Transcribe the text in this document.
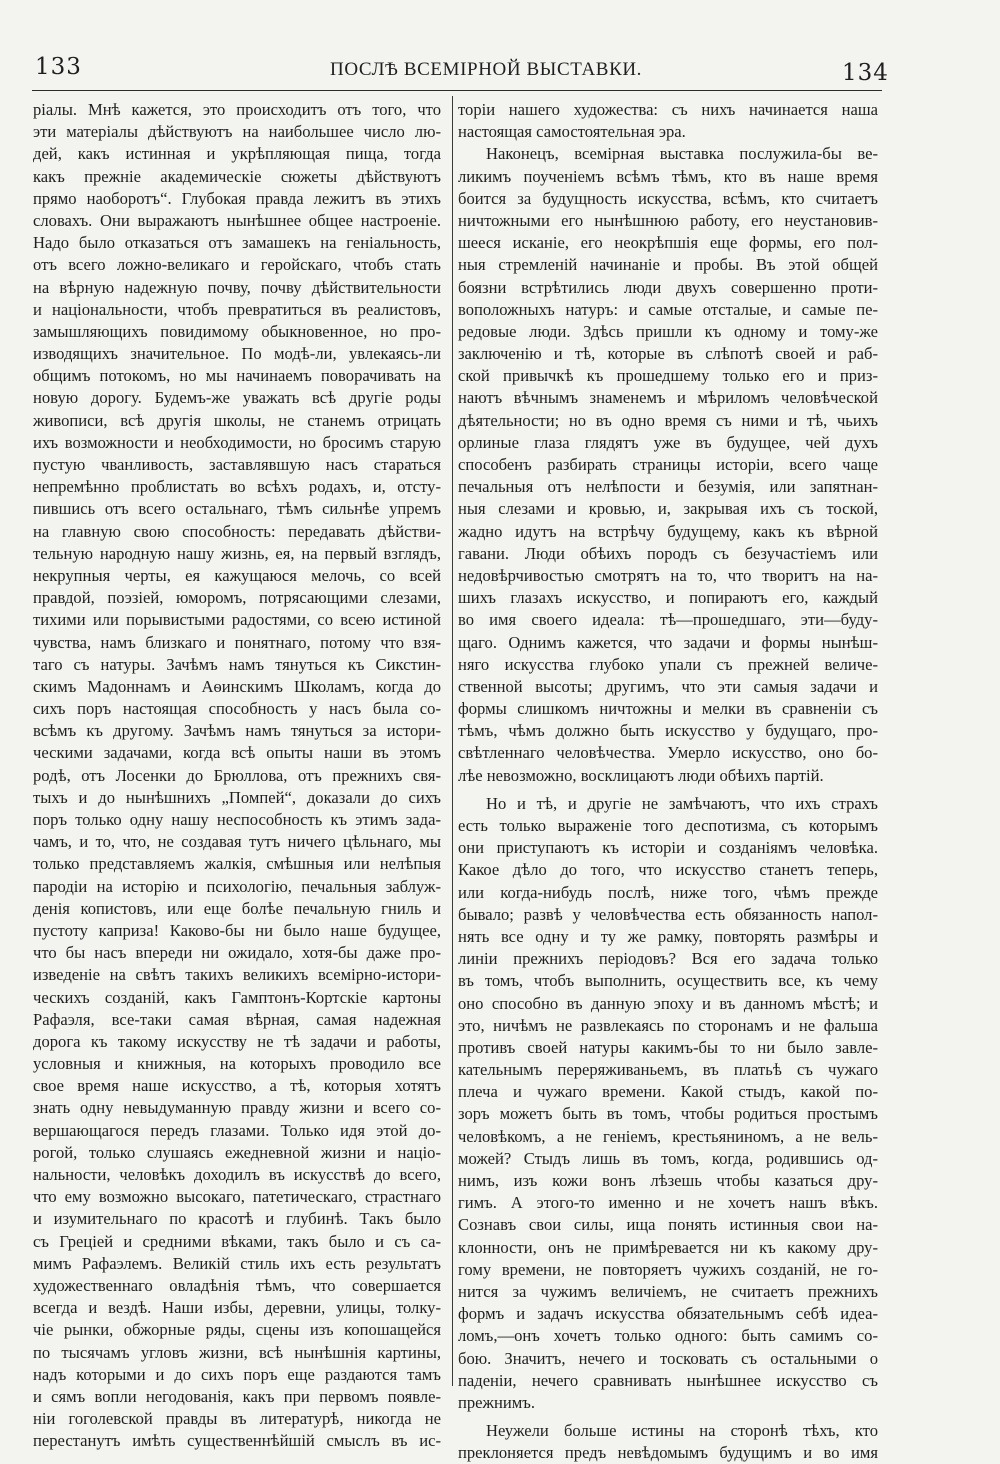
133	ПОСЛѢ ВСЕМІРНОЙ ВЫСТАВКИ.	134
ріалы. Мнѣ кажется, это происходитъ отъ того, что
эти матеріалы дѣйствуютъ на наибольшее число лю-
дей, какъ истинная и укрѣпляющая пища, тогда
какъ прежніе академическіе сюжеты дѣйствуютъ
прямо наоборотъ“. Глубокая правда лежитъ въ этихъ
словахъ. Они выражаютъ нынѣшнее общее настроеніе.
Надо было отказаться отъ замашекъ на геніальность,
отъ всего ложно-великаго и геройскаго, чтобъ стать
на вѣрную надежную почву, почву дѣйствительности
и національности, чтобъ превратиться въ реалистовъ,
замышляющихъ повидимому обыкновенное, но про-
изводящихъ значительное. По модѣ-ли, увлекаясь-ли
общимъ потокомъ, но мы начинаемъ поворачивать на
новую дорогу. Будемъ-же уважать всѣ другіе роды
живописи, всѣ другія школы, не станемъ отрицать
ихъ возможности и необходимости, но бросимъ старую
пустую чванливость, заставлявшую насъ стараться
непремѣнно проблистать во всѣхъ родахъ, и, отсту-
пившись отъ всего остальнаго, тѣмъ сильнѣе упремъ
на главную свою способность: передавать дѣйстви-
тельную народную нашу жизнь, ея, на первый взглядъ,
некрупныя черты, ея кажущаюся мелочь, со всей
правдой, поэзіей, юморомъ, потрясающими слезами,
тихими или порывистыми радостями, со всею истиной
чувства, намъ близкаго и понятнаго, потому что взя-
таго съ натуры. Зачѣмъ намъ тянуться къ Сикстин-
скимъ Мадоннамъ и Аѳинскимъ Школамъ, когда до
сихъ поръ настоящая способность у насъ была со-
всѣмъ къ другому. Зачѣмъ намъ тянуться за истори-
ческими задачами, когда всѣ опыты наши въ этомъ
родѣ, отъ Лосенки до Брюллова, отъ прежнихъ свя-
тыхъ и до нынѣшнихъ „Помпей“, доказали до сихъ
поръ только одну нашу неспособность къ этимъ зада-
чамъ, и то, что, не создавая тутъ ничего цѣльнаго, мы
только представляемъ жалкія, смѣшныя или нелѣпыя
пародіи на исторію и психологію, печальныя заблуж-
денія копистовъ, или еще болѣе печальную гниль и
пустоту каприза! Каково-бы ни было наше будущее,
что бы насъ впереди ни ожидало, хотя-бы даже про-
изведеніе на свѣтъ такихъ великихъ всемірно-истори-
ческихъ созданій, какъ Гамптонъ-Кортскіе картоны
Рафаэля, все-таки самая вѣрная, самая надежная
дорога къ такому искусству не тѣ задачи и работы,
условныя и книжныя, на которыхъ проводило все
свое время наше искусство, а тѣ, которыя хотятъ
знать одну невыдуманную правду жизни и всего со-
вершающагося передъ глазами. Только идя этой до-
рогой, только слушаясь ежедневной жизни и націо-
нальности, человѣкъ доходилъ въ искусствѣ до всего,
что ему возможно высокаго, патетическаго, страстнаго
и изумительнаго по красотѣ и глубинѣ. Такъ было
съ Греціей и средними вѣками, такъ было и съ са-
мимъ Рафаэлемъ. Великій стиль ихъ есть результатъ
художественнаго овладѣнія тѣмъ, что совершается
всегда и вездѣ. Наши избы, деревни, улицы, толку-
чіе рынки, обжорные ряды, сцены изъ копошащейся
по тысячамъ угловъ жизни, всѣ нынѣшнія картины,
надъ которыми и до сихъ поръ еще раздаются тамъ
и сямъ вопли негодованія, какъ при первомъ появле-
ніи гоголевской правды въ литературѣ, никогда не
перестанутъ имѣть существеннѣйшій смыслъ въ ис-
торіи нашего художества: съ нихъ начинается наша
настоящая самостоятельная эра.
Наконецъ, всемірная выставка послужила-бы ве-
ликимъ поученіемъ всѣмъ тѣмъ, кто въ наше время
боится за будущность искусства, всѣмъ, кто считаетъ
ничтожными его нынѣшнюю работу, его неустановив-
шееся исканіе, его неокрѣпшія еще формы, его пол-
ныя стремленій начинаніе и пробы. Въ этой общей
боязни встрѣтились люди двухъ совершенно проти-
воположныхъ натуръ: и самые отсталые, и самые пе-
редовые люди. Здѣсь пришли къ одному и тому-же
заключенію и тѣ, которые въ слѣпотѣ своей и раб-
ской привычкѣ къ прошедшему только его и приз-
наютъ вѣчнымъ знаменемъ и мѣриломъ человѣческой
дѣятельности; но въ одно время съ ними и тѣ, чьихъ
орлиные глаза глядятъ уже въ будущее, чей духъ
способенъ разбирать страницы исторіи, всего чаще
печальныя отъ нелѣпости и безумія, или запятнан-
ныя слезами и кровью, и, закрывая ихъ съ тоской,
жадно идутъ на встрѣчу будущему, какъ къ вѣрной
гавани. Люди обѣихъ породъ съ безучастіемъ или
недовѣрчивостью смотрятъ на то, что творитъ на на-
шихъ глазахъ искусство, и попираютъ его, каждый
во имя своего идеала: тѣ—прошедшаго, эти—буду-
щаго. Однимъ кажется, что задачи и формы нынѣш-
няго искусства глубоко упали съ прежней величе-
ственной высоты; другимъ, что эти самыя задачи и
формы слишкомъ ничтожны и мелки въ сравненіи съ
тѣмъ, чѣмъ должно быть искусство у будущаго, про-
свѣтленнаго человѣчества. Умерло искусство, оно бо-
лѣе невозможно, восклицаютъ люди обѣихъ партій.
Но и тѣ, и другіе не замѣчаютъ, что ихъ страхъ
есть только выраженіе того деспотизма, съ которымъ
они приступаютъ къ исторіи и созданіямъ человѣка.
Какое дѣло до того, что искусство станетъ теперь,
или когда-нибудь послѣ, ниже того, чѣмъ прежде
бывало; развѣ у человѣчества есть обязанность напол-
нять все одну и ту же рамку, повторять размѣры и
линіи прежнихъ періодовъ? Вся его задача только
въ томъ, чтобъ выполнить, осуществить все, къ чему
оно способно въ данную эпоху и въ данномъ мѣстѣ; и
это, ничѣмъ не развлекаясь по сторонамъ и не фальша
противъ своей натуры какимъ-бы то ни было завле-
кательнымъ переряживаньемъ, въ платьѣ съ чужаго
плеча и чужаго времени. Какой стыдъ, какой по-
зоръ можетъ быть въ томъ, чтобы родиться простымъ
человѣкомъ, а не геніемъ, крестьяниномъ, а не вель-
можей? Стыдъ лишь въ томъ, когда, родившись од-
нимъ, изъ кожи вонъ лѣзешь чтобы казаться дру-
гимъ. А этого-то именно и не хочетъ нашъ вѣкъ.
Сознавъ свои силы, ища понять истинныя свои на-
клонности, онъ не примѣревается ни къ какому дру-
гому времени, не повторяетъ чужихъ созданій, не го-
нится за чужимъ величіемъ, не считаетъ прежнихъ
формъ и задачъ искусства обязательнымъ себѣ идеа-
ломъ,—онъ хочетъ только одного: быть самимъ со-
бою. Значитъ, нечего и тосковать съ остальными о
паденіи, нечего сравнивать нынѣшнее искусство съ
прежнимъ.
Неужели больше истины на сторонѣ тѣхъ, кто
преклоняется предъ невѣдомымъ будущимъ и во имя
